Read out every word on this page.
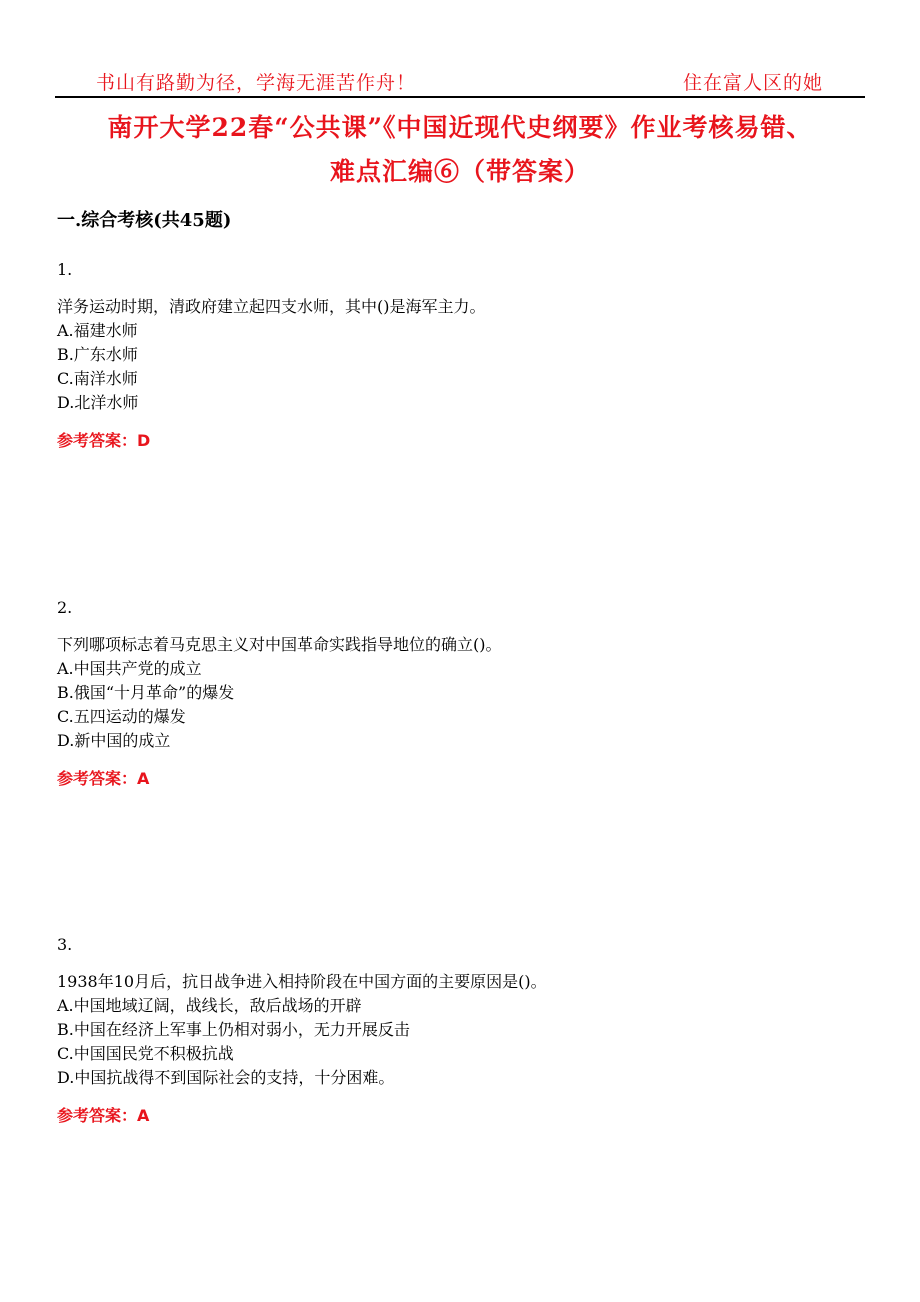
书山有路勤为径，学海无涯苦作舟！	住在富人区的她
南开大学22春“公共课”《中国近现代史纲要》作业考核易错、
难点汇编⑥（带答案）
一.综合考核(共45题)
1.
洋务运动时期，清政府建立起四支水师，其中()是海军主力。
A.福建水师
B.广东水师
C.南洋水师
D.北洋水师
参考答案：D
2.
下列哪项标志着马克思主义对中国革命实践指导地位的确立()。
A.中国共产党的成立
B.俄国“十月革命”的爆发
C.五四运动的爆发
D.新中国的成立
参考答案：A
3.
1938年10月后，抗日战争进入相持阶段在中国方面的主要原因是()。
A.中国地域辽阔，战线长，敌后战场的开辟
B.中国在经济上军事上仍相对弱小，无力开展反击
C.中国国民党不积极抗战
D.中国抗战得不到国际社会的支持，十分困难。
参考答案：A
